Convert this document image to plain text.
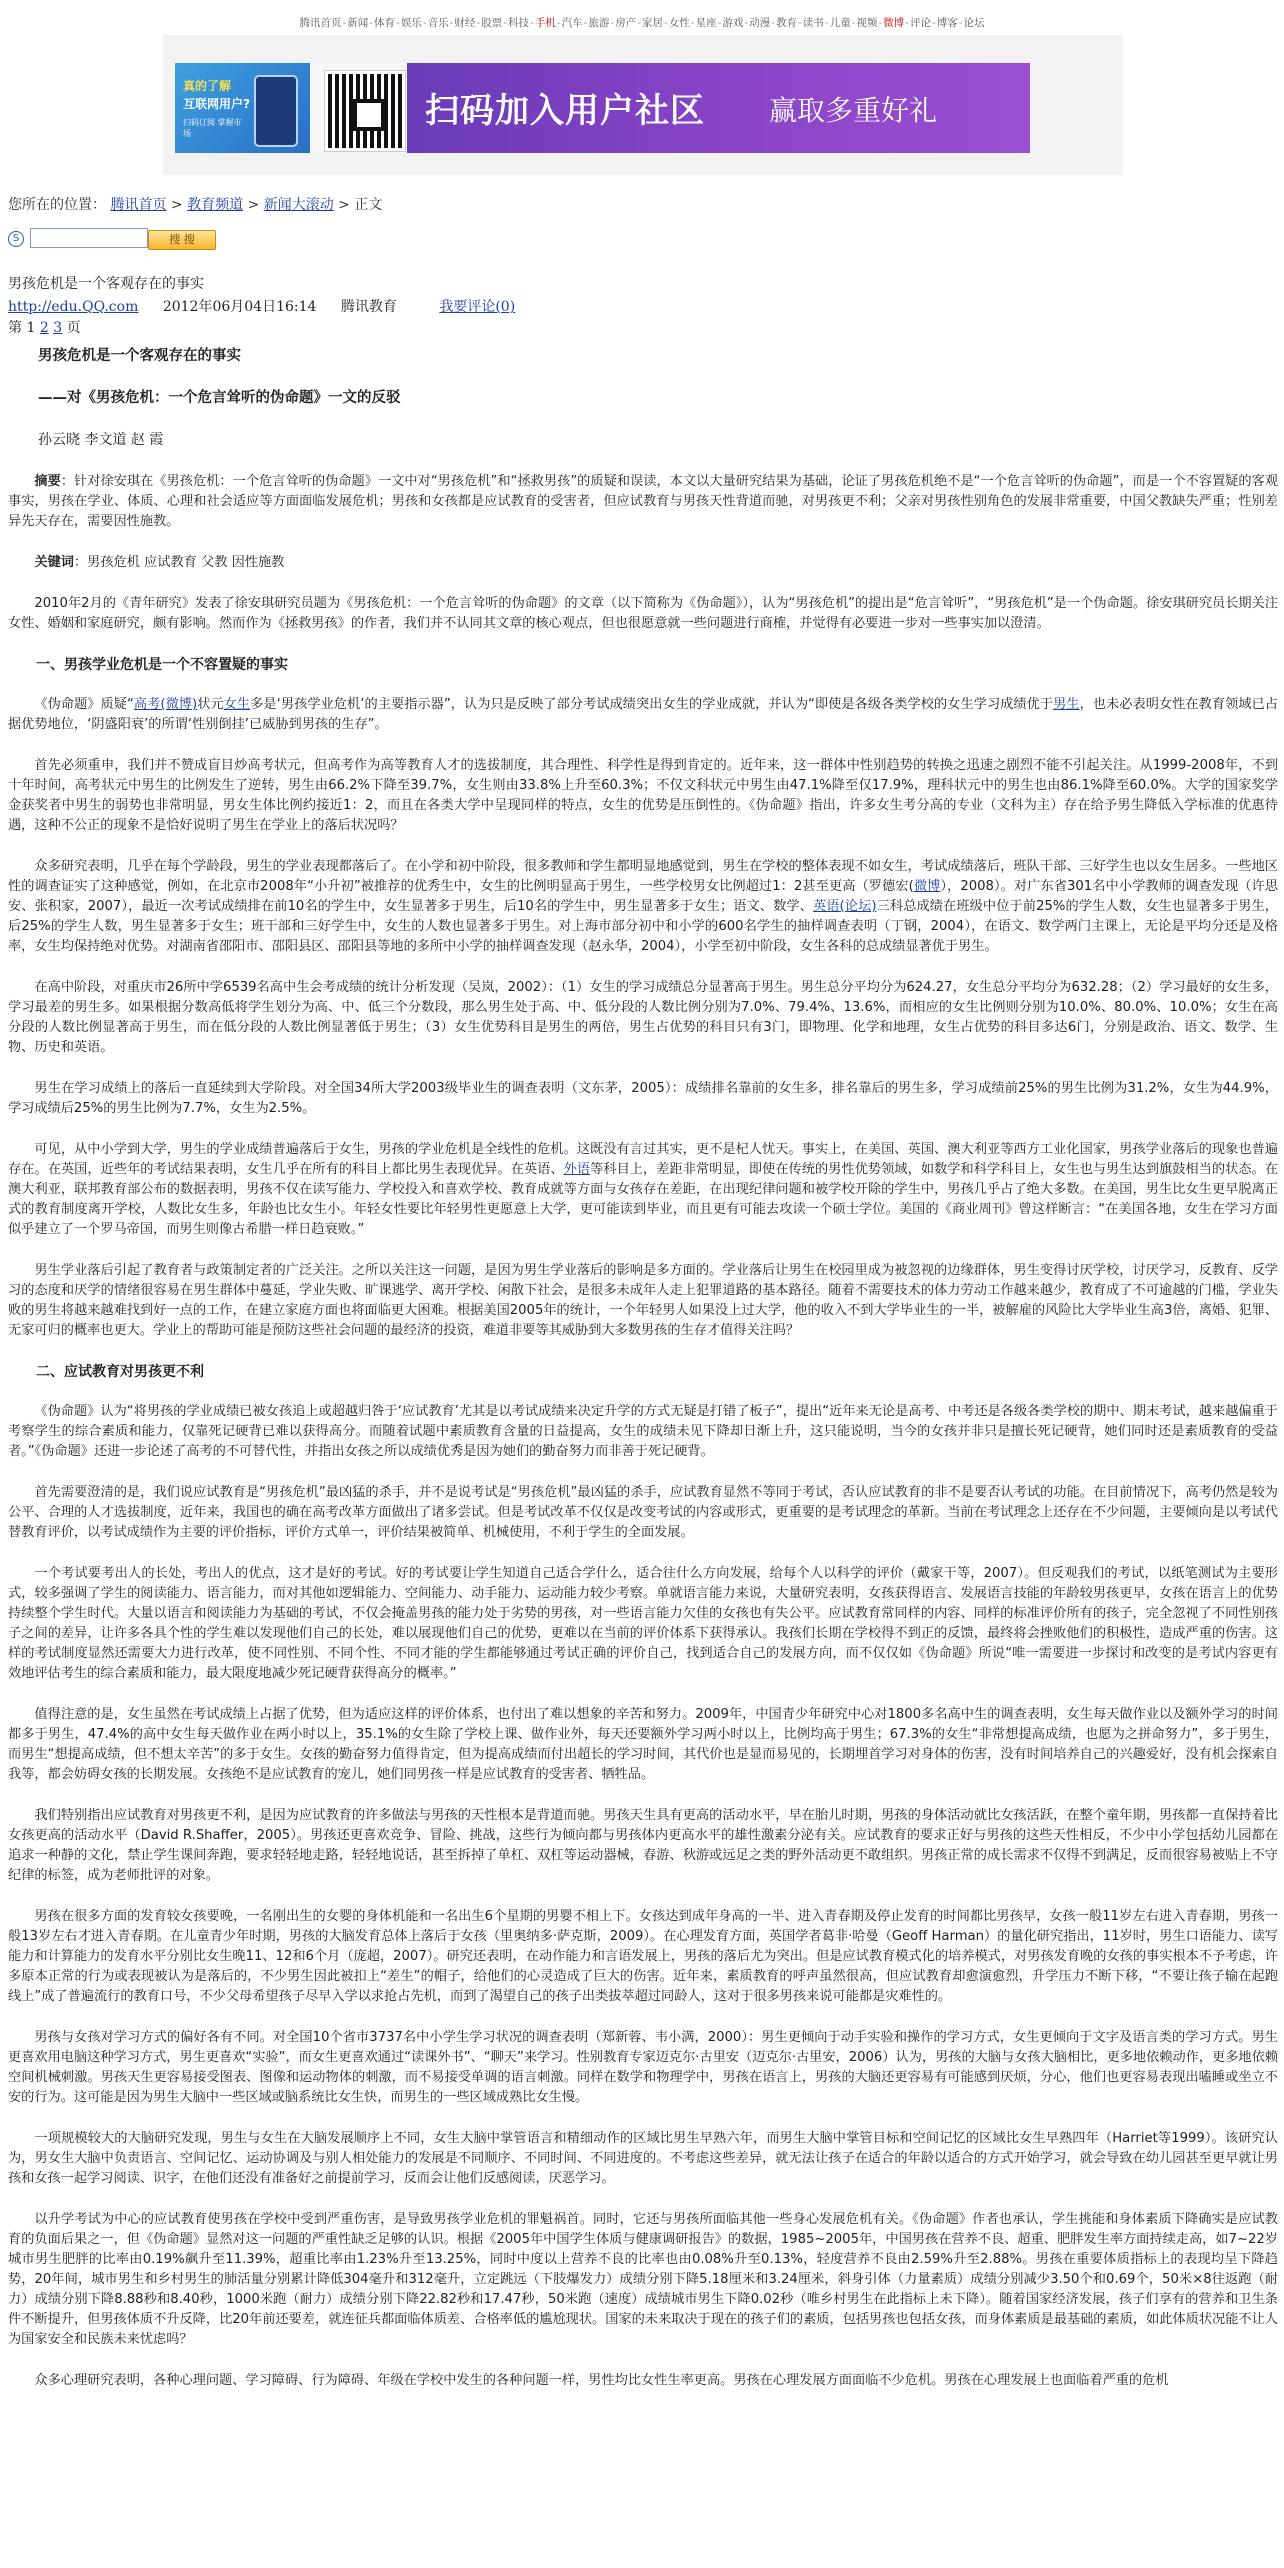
腾讯首页-新闻-体育-娱乐-音乐-财经-股票-科技-手机-汽车-旅游-房产-家居-女性-星座-游戏-动漫-教育-读书-儿童-视频-微博-评论-博客-论坛
真的了解
互联网用户?
扫码订阅 掌握市场
扫码加入用户社区 赢取多重好礼
您所在的位置： 腾讯首页 > 教育频道 > 新闻大滚动 > 正文
S	搜 搜
男孩危机是一个客观存在的事实
http://edu.QQ.com 2012年06月04日16:14 腾讯教育	我要评论(0)
第 1 2 3 页
男孩危机是一个客观存在的事实
——对《男孩危机：一个危言耸听的伪命题》一文的反驳
孙云晓 李文道 赵 霞

摘要：针对徐安琪在《男孩危机：一个危言耸听的伪命题》一文中对“男孩危机”和“拯救男孩”的质疑和误读，本文以大量研究结果为基础，论证了男孩危机绝不是“一个危言耸听的伪命题”，而是一个不容置疑的客观事实，男孩在学业、体质、心理和社会适应等方面面临发展危机；男孩和女孩都是应试教育的受害者，但应试教育与男孩天性背道而驰，对男孩更不利；父亲对男孩性别角色的发展非常重要，中国父教缺失严重；性别差异先天存在，需要因性施教。

关键词：男孩危机 应试教育 父教 因性施教

2010年2月的《青年研究》发表了徐安琪研究员题为《男孩危机：一个危言耸听的伪命题》的文章（以下简称为《伪命题》），认为“男孩危机”的提出是“危言耸听”，“男孩危机”是一个伪命题。徐安琪研究员长期关注女性、婚姻和家庭研究，颇有影响。然而作为《拯救男孩》的作者，我们并不认同其文章的核心观点，但也很愿意就一些问题进行商榷，并觉得有必要进一步对一些事实加以澄清。

一、男孩学业危机是一个不容置疑的事实

《伪命题》质疑“高考(微博)状元女生多是‘男孩学业危机’的主要指示器”，认为只是反映了部分考试成绩突出女生的学业成就，并认为“即使是各级各类学校的女生学习成绩优于男生，也未必表明女性在教育领域已占据优势地位，‘阴盛阳衰’的所谓‘性别倒挂’已威胁到男孩的生存”。

首先必须重申，我们并不赞成盲目炒高考状元，但高考作为高等教育人才的选拔制度，其合理性、科学性是得到肯定的。近年来，这一群体中性别趋势的转换之迅速之剧烈不能不引起关注。从1999-2008年，不到十年时间，高考状元中男生的比例发生了逆转，男生由66.2%下降至39.7%，女生则由33.8%上升至60.3%；不仅文科状元中男生由47.1%降至仅17.9%，理科状元中的男生也由86.1%降至60.0%。大学的国家奖学金获奖者中男生的弱势也非常明显，男女生体比例约接近1：2，而且在各类大学中呈现同样的特点，女生的优势是压倒性的。《伪命题》指出，许多女生考分高的专业（文科为主）存在给予男生降低入学标准的优惠待遇，这种不公正的现象不是恰好说明了男生在学业上的落后状况吗？

众多研究表明，几乎在每个学龄段，男生的学业表现都落后了。在小学和初中阶段，很多教师和学生都明显地感觉到，男生在学校的整体表现不如女生，考试成绩落后，班队干部、三好学生也以女生居多。一些地区性的调查证实了这种感觉，例如，在北京市2008年“小升初”被推荐的优秀生中，女生的比例明显高于男生，一些学校男女比例超过1：2甚至更高（罗德宏(微博），2008）。对广东省301名中小学教师的调查发现（许思安、张积家，2007），最近一次考试成绩排在前10名的学生中，女生显著多于男生，后10名的学生中，男生显著多于女生；语文、数学、英语(论坛)三科总成绩在班级中位于前25%的学生人数，女生也显著多于男生，后25%的学生人数，男生显著多于女生；班干部和三好学生中，女生的人数也显著多于男生。对上海市部分初中和小学的600名学生的抽样调查表明（丁钢，2004），在语文、数学两门主课上，无论是平均分还是及格率，女生均保持绝对优势。对湖南省邵阳市、邵阳县区、邵阳县等地的多所中小学的抽样调查发现（赵永华，2004），小学至初中阶段，女生各科的总成绩显著优于男生。

在高中阶段，对重庆市26所中学6539名高中生会考成绩的统计分析发现（吴岚，2002）：（1）女生的学习成绩总分显著高于男生。男生总分平均分为624.27，女生总分平均分为632.28；（2）学习最好的女生多，学习最差的男生多。如果根据分数高低将学生划分为高、中、低三个分数段，那么男生处于高、中、低分段的人数比例分别为7.0%、79.4%、13.6%，而相应的女生比例则分别为10.0%、80.0%、10.0%；女生在高分段的人数比例显著高于男生，而在低分段的人数比例显著低于男生；（3）女生优势科目是男生的两倍，男生占优势的科目只有3门，即物理、化学和地理，女生占优势的科目多达6门，分别是政治、语文、数学、生物、历史和英语。

男生在学习成绩上的落后一直延续到大学阶段。对全国34所大学2003级毕业生的调查表明（文东茅，2005）：成绩排名靠前的女生多，排名靠后的男生多，学习成绩前25%的男生比例为31.2%，女生为44.9%，学习成绩后25%的男生比例为7.7%，女生为2.5%。

可见，从中小学到大学，男生的学业成绩普遍落后于女生，男孩的学业危机是全线性的危机。这既没有言过其实，更不是杞人忧天。事实上，在美国、英国、澳大利亚等西方工业化国家，男孩学业落后的现象也普遍存在。在英国，近些年的考试结果表明，女生几乎在所有的科目上都比男生表现优异。在英语、外语等科目上，差距非常明显，即使在传统的男性优势领域，如数学和科学科目上，女生也与男生达到旗鼓相当的状态。在澳大利亚，联邦教育部公布的数据表明，男孩不仅在读写能力、学校投入和喜欢学校、教育成就等方面与女孩存在差距，在出现纪律问题和被学校开除的学生中，男孩几乎占了绝大多数。在美国，男生比女生更早脱离正式的教育制度离开学校，人数比女生多，年龄也比女生小。年轻女性要比年轻男性更愿意上大学，更可能读到毕业，而且更有可能去攻读一个硕士学位。美国的《商业周刊》曾这样断言：“在美国各地，女生在学习方面似乎建立了一个罗马帝国，而男生则像古希腊一样日趋衰败。”

男生学业落后引起了教育者与政策制定者的广泛关注。之所以关注这一问题，是因为男生学业落后的影响是多方面的。学业落后让男生在校园里成为被忽视的边缘群体，男生变得讨厌学校，讨厌学习，反教育、反学习的态度和厌学的情绪很容易在男生群体中蔓延，学业失败、旷课逃学、离开学校、闲散下社会，是很多未成年人走上犯罪道路的基本路径。随着不需要技术的体力劳动工作越来越少，教育成了不可逾越的门槛，学业失败的男生将越来越难找到好一点的工作，在建立家庭方面也将面临更大困难。根据美国2005年的统计，一个年轻男人如果没上过大学，他的收入不到大学毕业生的一半，被解雇的风险比大学毕业生高3倍，离婚、犯罪、无家可归的概率也更大。学业上的帮助可能是预防这些社会问题的最经济的投资，难道非要等其威胁到大多数男孩的生存才值得关注吗？

二、应试教育对男孩更不利

《伪命题》认为“将男孩的学业成绩已被女孩追上或超越归咎于‘应试教育’尤其是以考试成绩来决定升学的方式无疑是打错了板子”，提出“近年来无论是高考、中考还是各级各类学校的期中、期末考试，越来越偏重于考察学生的综合素质和能力，仅靠死记硬背已难以获得高分。而随着试题中素质教育含量的日益提高，女生的成绩未见下降却日渐上升，这只能说明，当今的女孩并非只是擅长死记硬背，她们同时还是素质教育的受益者。”《伪命题》还进一步论述了高考的不可替代性，并指出女孩之所以成绩优秀是因为她们的勤奋努力而非善于死记硬背。

首先需要澄清的是，我们说应试教育是“男孩危机”最凶猛的杀手，并不是说考试是“男孩危机”最凶猛的杀手，应试教育显然不等同于考试，否认应试教育的非不是要否认考试的功能。在目前情况下，高考仍然是较为公平、合理的人才选拔制度，近年来，我国也的确在高考改革方面做出了诸多尝试。但是考试改革不仅仅是改变考试的内容或形式，更重要的是考试理念的革新。当前在考试理念上还存在不少问题，主要倾向是以考试代替教育评价，以考试成绩作为主要的评价指标，评价方式单一，评价结果被简单、机械使用，不利于学生的全面发展。

一个考试要考出人的长处，考出人的优点，这才是好的考试。好的考试要让学生知道自己适合学什么，适合往什么方向发展，给每个人以科学的评价（戴家干等，2007）。但反观我们的考试，以纸笔测试为主要形式，较多强调了学生的阅读能力、语言能力，而对其他如逻辑能力、空间能力、动手能力、运动能力较少考察。单就语言能力来说，大量研究表明，女孩获得语言、发展语言技能的年龄较男孩更早，女孩在语言上的优势持续整个学生时代。大量以语言和阅读能力为基础的考试，不仅会掩盖男孩的能力处于劣势的男孩，对一些语言能力欠佳的女孩也有失公平。应试教育常同样的内容、同样的标准评价所有的孩子，完全忽视了不同性别孩子之间的差异，让许多各具个性的学生难以发现他们自己的长处，难以展现他们自己的优势，更难以在当前的评价体系下获得承认。我孩们长期在学校得不到正的反馈，最终将会挫败他们的积极性，造成严重的伤害。这样的考试制度显然还需要大力进行改革，使不同性别、不同个性、不同才能的学生都能够通过考试正确的评价自己，找到适合自己的发展方向，而不仅仅如《伪命题》所说“唯一需要进一步探讨和改变的是考试内容更有效地评估考生的综合素质和能力，最大限度地减少死记硬背获得高分的概率。”

值得注意的是，女生虽然在考试成绩上占据了优势，但为适应这样的评价体系，也付出了难以想象的辛苦和努力。2009年，中国青少年研究中心对1800多名高中生的调查表明，女生每天做作业以及额外学习的时间都多于男生，47.4%的高中女生每天做作业在两小时以上，35.1%的女生除了学校上课、做作业外，每天还要额外学习两小时以上，比例均高于男生；67.3%的女生“非常想提高成绩，也愿为之拼命努力”，多于男生，而男生“想提高成绩，但不想太辛苦”的多于女生。女孩的勤奋努力值得肯定，但为提高成绩而付出超长的学习时间，其代价也是显而易见的，长期埋首学习对身体的伤害，没有时间培养自己的兴趣爱好，没有机会探索自我等，都会妨碍女孩的长期发展。女孩绝不是应试教育的宠儿，她们同男孩一样是应试教育的受害者、牺牲品。

我们特别指出应试教育对男孩更不利，是因为应试教育的许多做法与男孩的天性根本是背道而驰。男孩天生具有更高的活动水平，早在胎儿时期，男孩的身体活动就比女孩活跃，在整个童年期，男孩都一直保持着比女孩更高的活动水平（David R.Shaffer，2005）。男孩还更喜欢竞争、冒险、挑战，这些行为倾向都与男孩体内更高水平的雄性激素分泌有关。应试教育的要求正好与男孩的这些天性相反，不少中小学包括幼儿园都在追求一种静的文化，禁止学生课间奔跑，要求轻轻地走路，轻轻地说话，甚至拆掉了单杠、双杠等运动器械，春游、秋游或远足之类的野外活动更不敢组织。男孩正常的成长需求不仅得不到满足，反而很容易被贴上不守纪律的标签，成为老师批评的对象。

男孩在很多方面的发育较女孩要晚，一名刚出生的女婴的身体机能和一名出生6个星期的男婴不相上下。女孩达到成年身高的一半、进入青春期及停止发育的时间都比男孩早，女孩一般11岁左右进入青春期，男孩一般13岁左右才进入青春期。在儿童青少年时期，男孩的大脑发育总体上落后于女孩（里奥纳多·萨克斯，2009）。在心理发育方面，英国学者葛非·哈曼（Geoff Harman）的量化研究指出，11岁时，男生口语能力、读写能力和计算能力的发育水平分别比女生晚11、12和6个月（庞超，2007）。研究还表明，在动作能力和言语发展上，男孩的落后尤为突出。但是应试教育模式化的培养模式，对男孩发育晚的女孩的事实根本不予考虑，许多原本正常的行为或表现被认为是落后的，不少男生因此被扣上“差生”的帽子，给他们的心灵造成了巨大的伤害。近年来，素质教育的呼声虽然很高，但应试教育却愈演愈烈，升学压力不断下移，“不要让孩子输在起跑线上”成了普遍流行的教育口号，不少父母希望孩子尽早入学以求抢占先机，而到了渴望自己的孩子出类拔萃超过同龄人，这对于很多男孩来说可能都是灾难性的。

男孩与女孩对学习方式的偏好各有不同。对全国10个省市3737名中小学生学习状况的调查表明（郑新蓉、韦小满，2000）：男生更倾向于动手实验和操作的学习方式，女生更倾向于文字及语言类的学习方式。男生更喜欢用电脑这种学习方式，男生更喜欢“实验”，而女生更喜欢通过“读课外书”、“聊天”来学习。性别教育专家迈克尔·古里安（迈克尔·古里安，2006）认为，男孩的大脑与女孩大脑相比，更多地依赖动作，更多地依赖空间机械刺激。男孩天生更容易接受图表、图像和运动物体的刺激，而不易接受单调的语言刺激。同样在数学和物理学中，男孩在语言上，男孩的大脑还更容易有可能感到厌烦，分心，他们也更容易表现出嗑睡或坐立不安的行为。这可能是因为男生大脑中一些区域或脑系统比女生快，而男生的一些区域成熟比女生慢。

一项规模较大的大脑研究发现，男生与女生在大脑发展顺序上不同，女生大脑中掌管语言和精细动作的区域比男生早熟六年，而男生大脑中掌管目标和空间记忆的区域比女生早熟四年（Harriet等1999）。该研究认为，男女生大脑中负责语言、空间记忆、运动协调及与别人相处能力的发展是不同顺序、不同时间、不同进度的。不考虑这些差异，就无法让孩子在适合的年龄以适合的方式开始学习，就会导致在幼儿园甚至更早就让男孩和女孩一起学习阅读、识字，在他们还没有准备好之前提前学习，反而会让他们反感阅读，厌恶学习。

以升学考试为中心的应试教育使男孩在学校中受到严重伤害，是导致男孩学业危机的罪魁祸首。同时，它还与男孩所面临其他一些身心发展危机有关。《伪命题》作者也承认，学生挑能和身体素质下降确实是应试教育的负面后果之一，但《伪命题》显然对这一问题的严重性缺乏足够的认识。根据《2005年中国学生体质与健康调研报告》的数据，1985~2005年，中国男孩在营养不良、超重、肥胖发生率方面持续走高，如7~22岁城市男生肥胖的比率由0.19%飙升至11.39%，超重比率由1.23%升至13.25%，同时中度以上营养不良的比率也由0.08%升至0.13%，轻度营养不良由2.59%升至2.88%。男孩在重要体质指标上的表现均呈下降趋势，20年间，城市男生和乡村男生的肺活量分别累计降低304毫升和312毫升，立定跳远（下肢爆发力）成绩分别下降5.18厘米和3.24厘米，斜身引体（力量素质）成绩分别减少3.50个和0.69个，50米×8往返跑（耐力）成绩分别下降8.88秒和8.40秒，1000米跑（耐力）成绩分别下降22.82秒和17.47秒，50米跑（速度）成绩城市男生下降0.02秒（唯乡村男生在此指标上未下降）。随着国家经济发展，孩子们享有的营养和卫生条件不断提升，但男孩体质不升反降，比20年前还要差，就连征兵都面临体质差、合格率低的尴尬现状。国家的未来取决于现在的孩子们的素质，包括男孩也包括女孩，而身体素质是最基础的素质，如此体质状况能不让人为国家安全和民族未来忧虑吗？

众多心理研究表明，各种心理问题、学习障碍、行为障碍、年级在学校中发生的各种问题一样，男性均比女性生率更高。男孩在心理发展方面面临不少危机。男孩在心理发展上也面临着严重的危机
